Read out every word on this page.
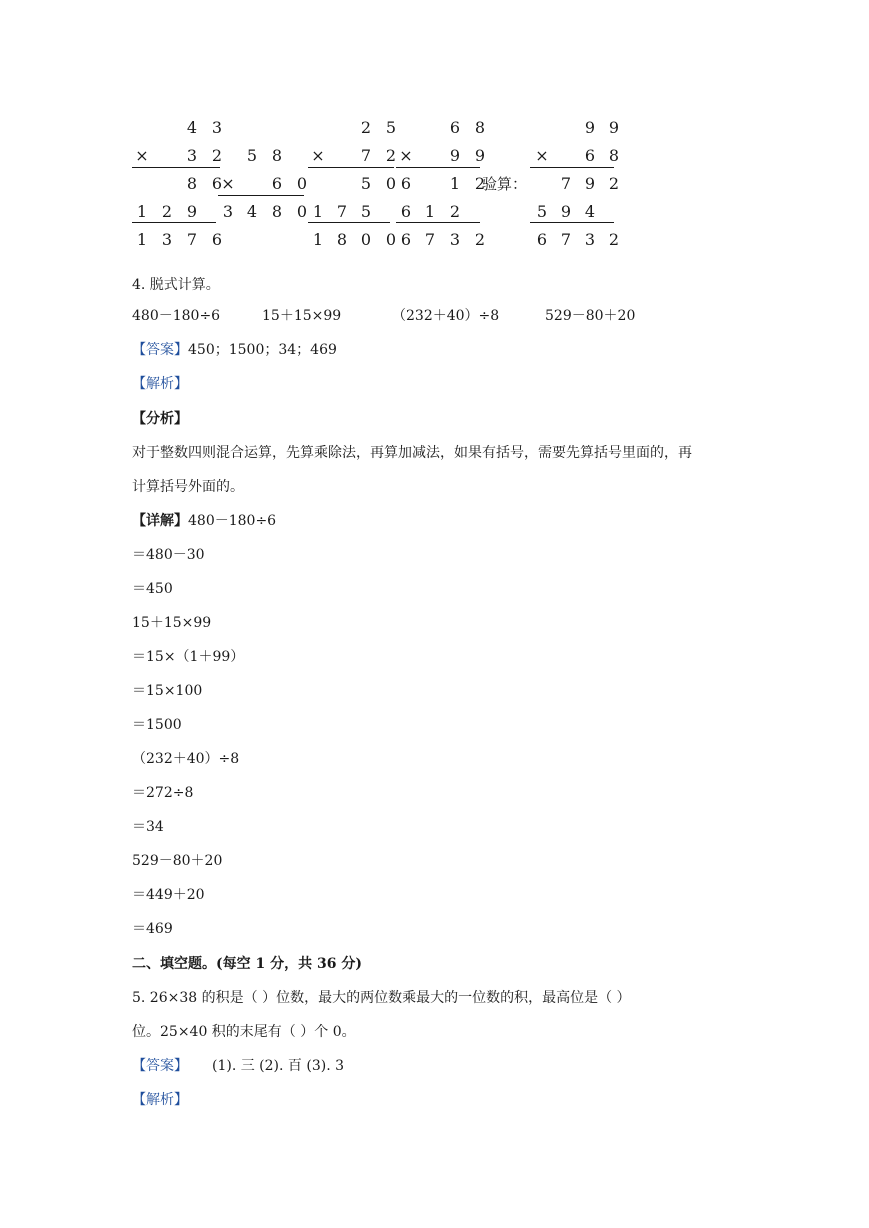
4 3
×	3 2
8 6
1 2 9
1 3 7 6
5 8
×	6 0
3 4 8 0
2 5
×	7 2
5 0
1 7 5
1 8 0 0
6 8
×	9 9
6	1 2
6 1 2
6 7 3 2
9 9
×	6 8
7 9 2
5 9 4
6 7 3 2
验算：
4. 脱式计算。
480－180÷6	15＋15×99	（232＋40）÷8	529－80＋20
【答案】450；1500；34；469
【解析】
【分析】
对于整数四则混合运算，先算乘除法，再算加减法，如果有括号，需要先算括号里面的，再
计算括号外面的。
【详解】480－180÷6
＝480－30
＝450
15＋15×99
＝15×（1＋99）
＝15×100
＝1500
（232＋40）÷8
＝272÷8
＝34
529－80＋20
＝449＋20
＝469
二、填空题。(每空 1 分，共 36 分)
5. 26×38 的积是（ ）位数，最大的两位数乘最大的一位数的积，最高位是（ ）
位。25×40 积的末尾有（ ）个 0。
【答案】 (1). 三 (2). 百 (3). 3
【解析】
